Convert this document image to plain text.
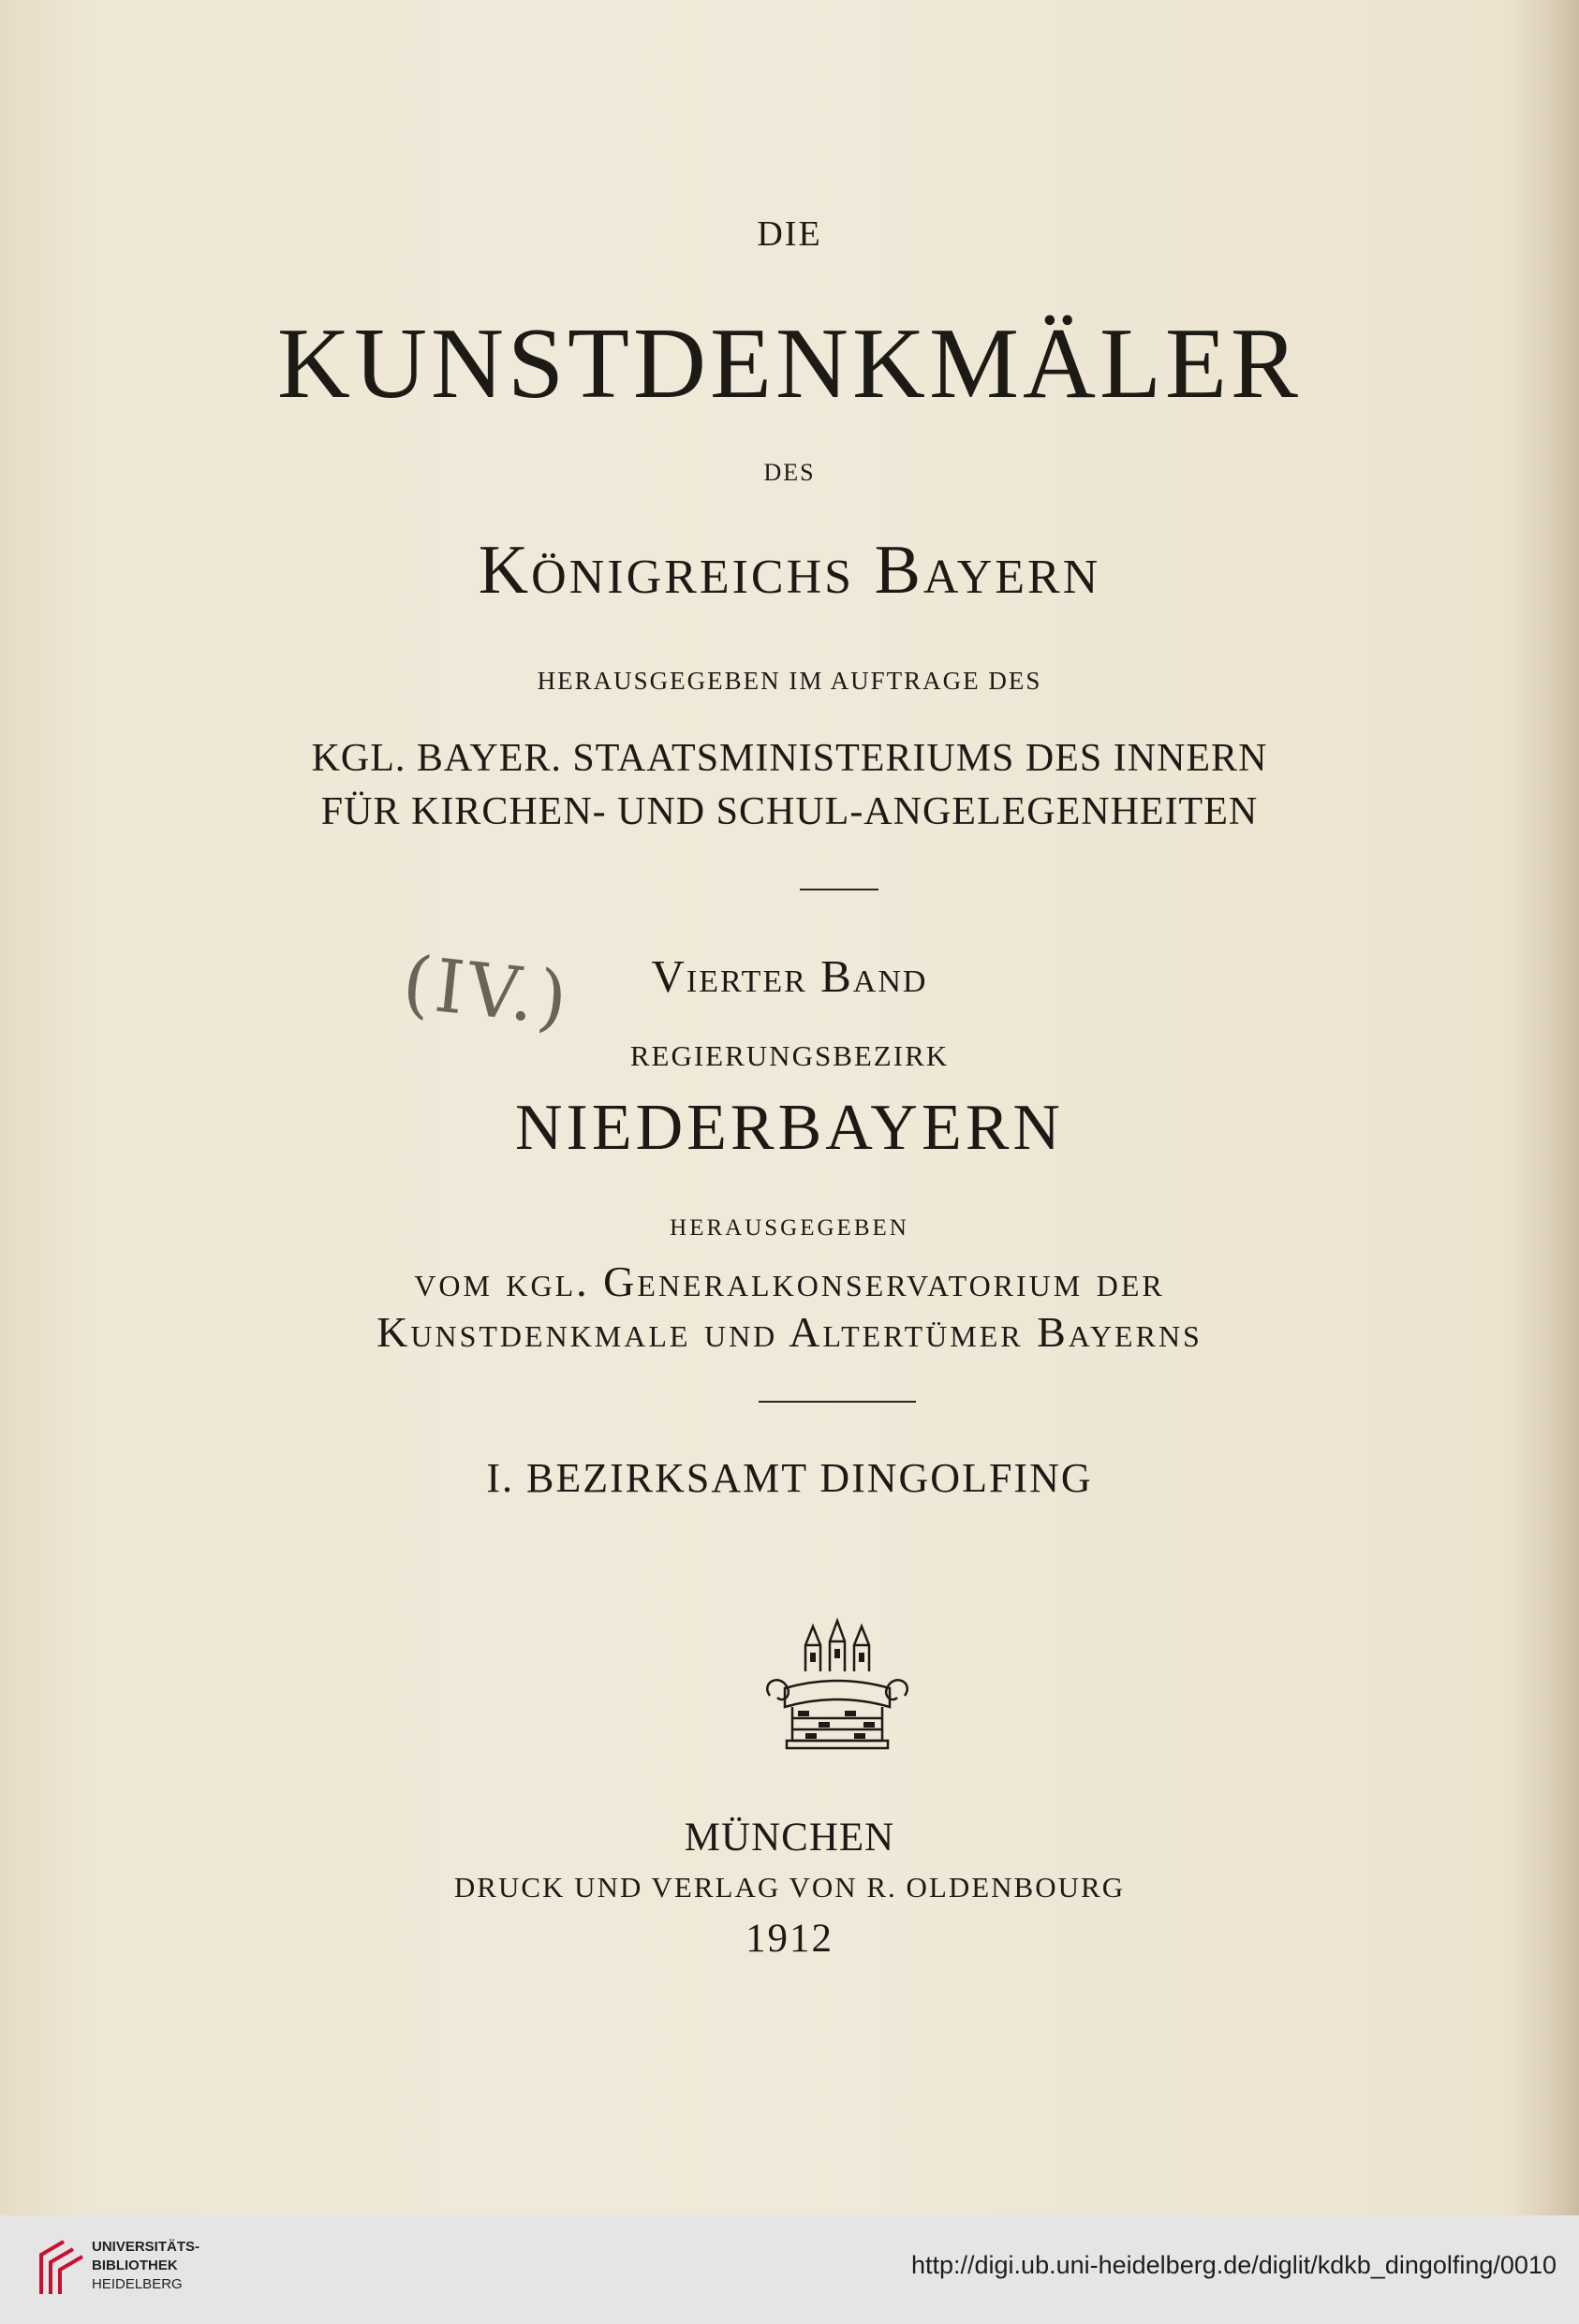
DIE
KUNSTDENKMÄLER
DES
Königreichs Bayern
HERAUSGEGEBEN IM AUFTRAGE DES
KGL. BAYER. STAATSMINISTERIUMS DES INNERN
FÜR KIRCHEN- UND SCHUL-ANGELEGENHEITEN
(IV.)	Vierter Band
REGIERUNGSBEZIRK
NIEDERBAYERN
HERAUSGEGEBEN
vom kgl. Generalkonservatorium der
Kunstdenkmale und Altertümer Bayerns
I. BEZIRKSAMT DINGOLFING
MÜNCHEN
DRUCK UND VERLAG VON R. OLDENBOURG
1912
UNIVERSITÄTS-
BIBLIOTHEK
HEIDELBERG
http://digi.ub.uni-heidelberg.de/diglit/kdkb_dingolfing/0010
